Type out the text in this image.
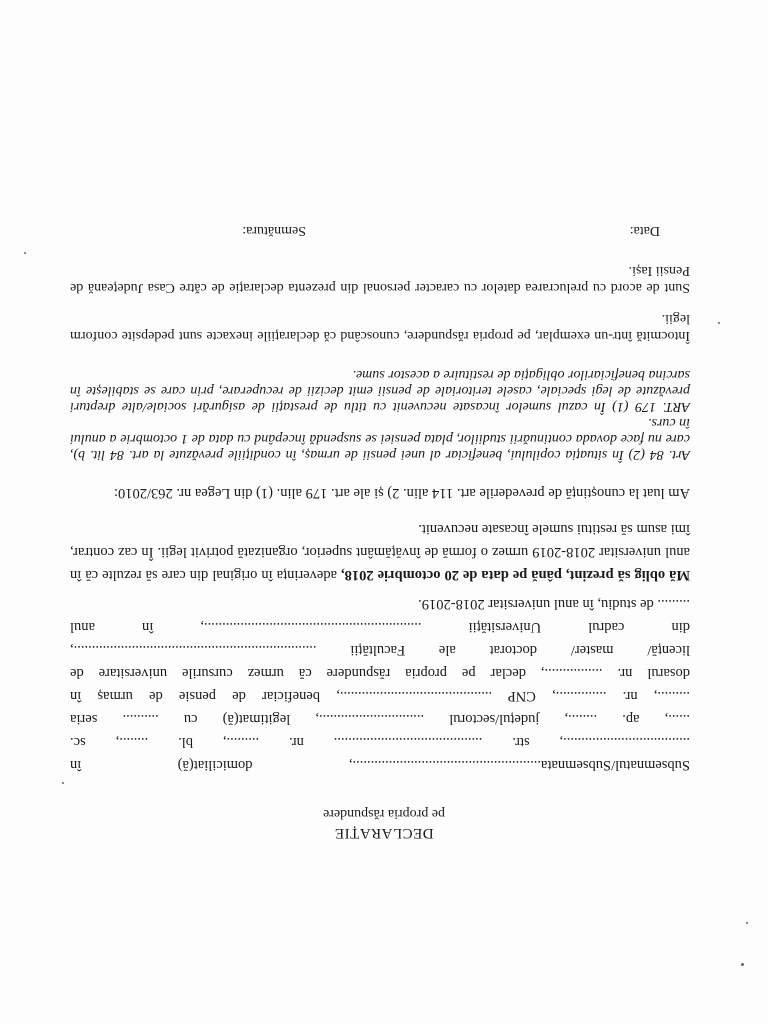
DECLARAȚIE
pe propria răspundere
Subsemnatul/Subsemnata...................................................., domiciliat(ă) în
..................................., str. ......................................... nr. ........., bl. ........, sc.
......, ap. ........, județul/sectorul ............................., legitimat(ă) cu .......... seria
........., nr. .............., CNP .........................................., beneficiar de pensie de urmaș în
dosarul nr. ................, declar pe propria răspundere că urmez cursurile universitare de
licență/ master/ doctorat ale Facultății ...................................................................,
din cadrul Universității ............................................................, în anul
......... de studiu, în anul universitar 2018-2019.
Mă oblig să prezint, până pe data de 20 octombrie 2018, adeverința în original din care să rezulte că în anul universitar 2018-2019 urmez o formă de învățământ superior, organizată potrivit legii. În caz contrar, îmi asum să restitui sumele încasate necuvenit.
Am luat la cunoștință de prevederile art. 114 alin. 2) și ale art. 179 alin. (1) din Legea nr. 263/2010:
Art. 84 (2) În situația copilului, beneficiar al unei pensii de urmaș, în condițiile prevăzute la art. 84 lit. b), care nu face dovada continuării studiilor, plata pensiei se suspendă începând cu data de 1 octombrie a anului în curs.
ART. 179 (1) În cazul sumelor încasate necuvenit cu titlu de prestații de asigurări sociale/alte drepturi prevăzute de legi speciale, casele teritoriale de pensii emit decizii de recuperare, prin care se stabilește în sarcina beneficiarilor obligația de restituire a acestor sume.
Întocmită într-un exemplar, pe propria răspundere, cunoscând că declarațiile inexacte sunt pedepsite conform legii.
Sunt de acord cu prelucrarea datelor cu caracter personal din prezenta declarație de către Casa Județeană de Pensii Iași.
Data:
Semnătura:
